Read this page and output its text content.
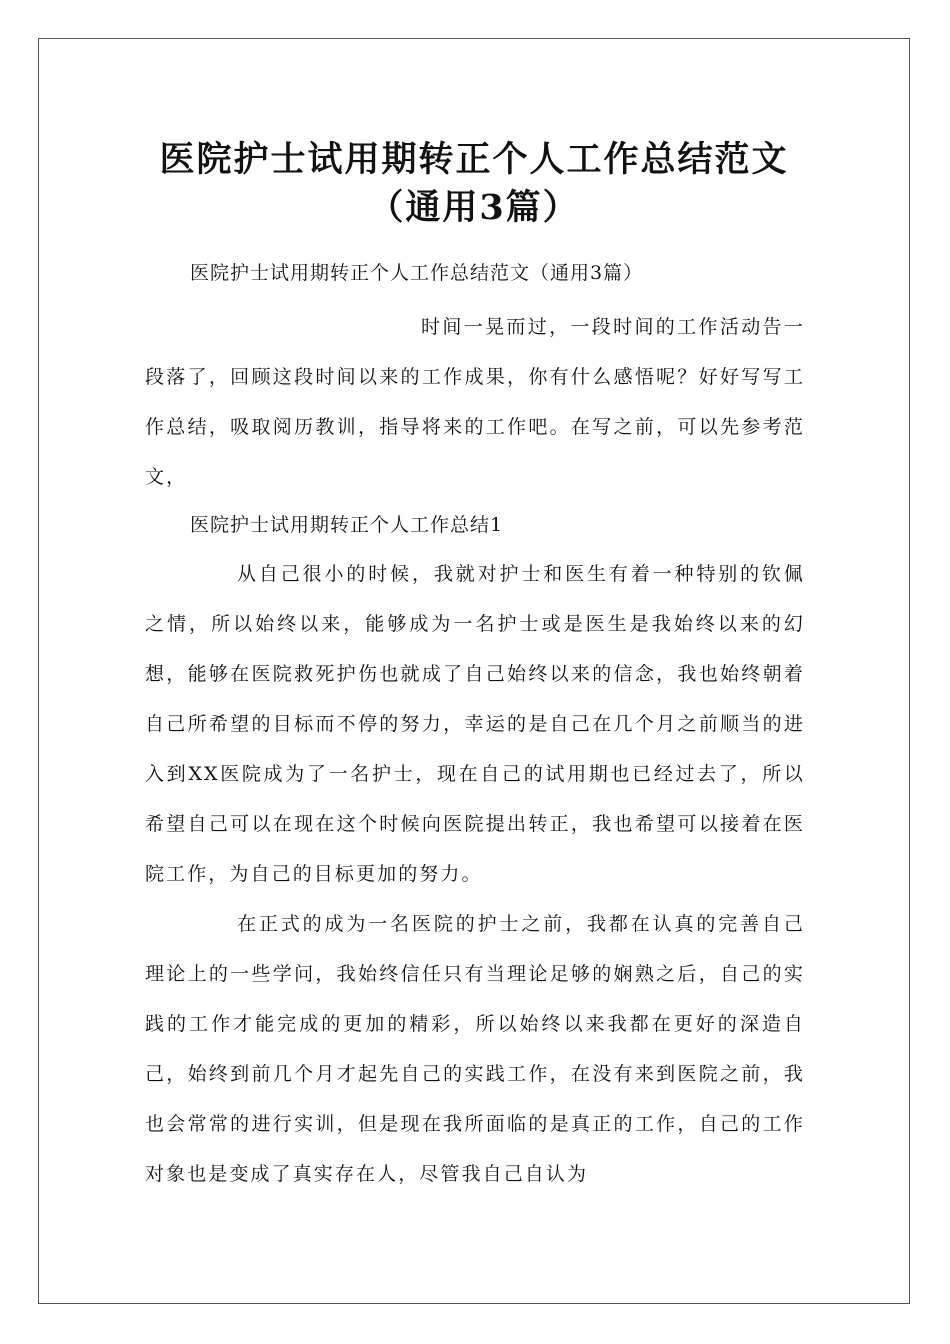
医院护士试用期转正个人工作总结范文
（通用3篇）

医院护士试用期转正个人工作总结范文（通用3篇）

时间一晃而过，一段时间的工作活动告一段落了，回顾这段时间以来的工作成果，你有什么感悟呢？好好写写工作总结，吸取阅历教训，指导将来的工作吧。在写之前，可以先参考范文，

医院护士试用期转正个人工作总结1

从自己很小的时候，我就对护士和医生有着一种特别的钦佩之情，所以始终以来，能够成为一名护士或是医生是我始终以来的幻想，能够在医院救死护伤也就成了自己始终以来的信念，我也始终朝着自己所希望的目标而不停的努力，幸运的是自己在几个月之前顺当的进入到XX医院成为了一名护士，现在自己的试用期也已经过去了，所以希望自己可以在现在这个时候向医院提出转正，我也希望可以接着在医院工作，为自己的目标更加的努力。

在正式的成为一名医院的护士之前，我都在认真的完善自己理论上的一些学问，我始终信任只有当理论足够的娴熟之后，自己的实践的工作才能完成的更加的精彩，所以始终以来我都在更好的深造自己，始终到前几个月才起先自己的实践工作，在没有来到医院之前，我也会常常的进行实训，但是现在我所面临的是真正的工作，自己的工作对象也是变成了真实存在人，尽管我自己自认为
